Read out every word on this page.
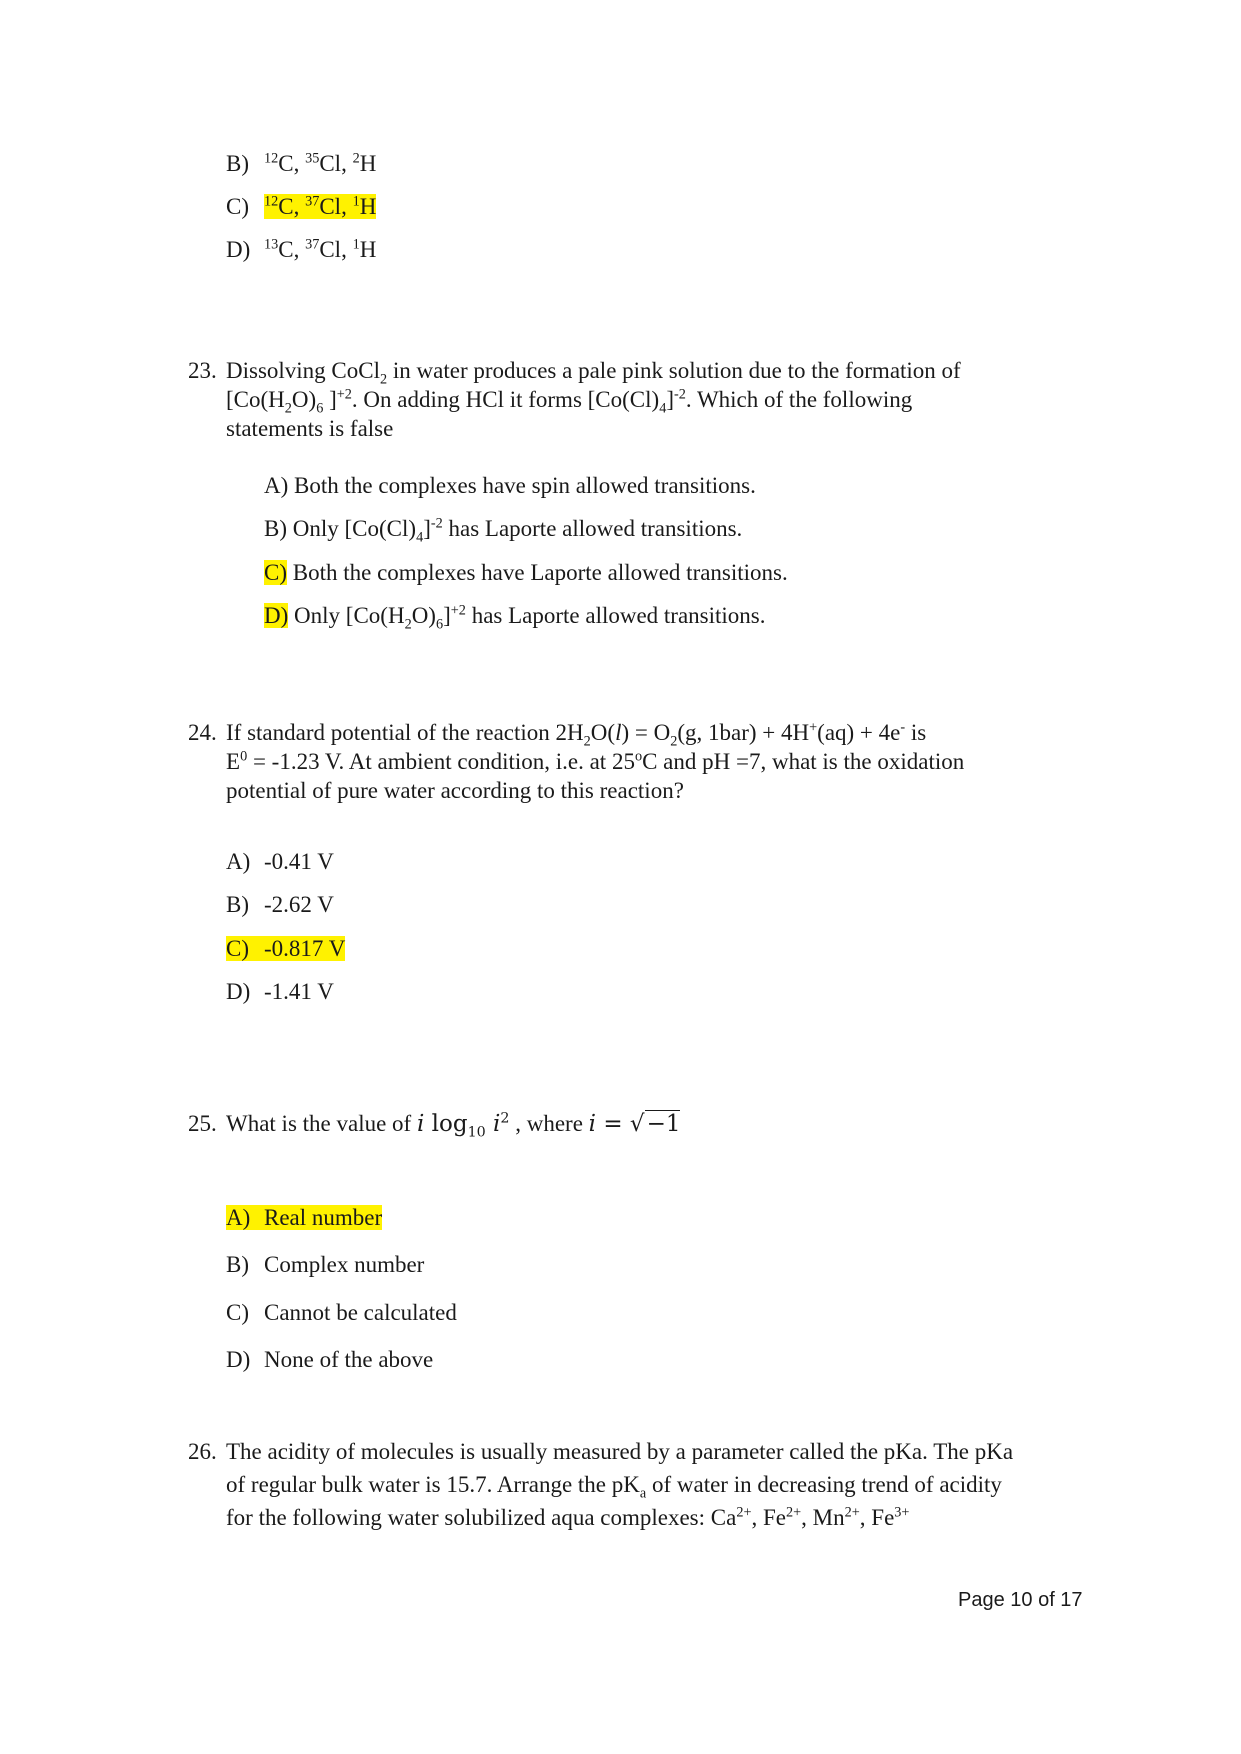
B) $^{12}$C, $^{35}$Cl, $^2$H
C) $^{12}$C, $^{37}$Cl, $^1$H
D) $^{13}$C, $^{37}$Cl, $^1$H
23. Dissolving CoCl$_2$ in water produces a pale pink solution due to the formation of
[$Co(H_2O)_6$ ]$^{+2}$. On adding HCl it forms $[Co(Cl)_4]^{-2}$. Which of the following
statements is false
A) Both the complexes have spin allowed transitions.
B) Only $[Co(Cl)_4]^{-2}$ has Laporte allowed transitions.
C) Both the complexes have Laporte allowed transitions.
D) Only $[Co(H_2O)_6]^{+2}$ has Laporte allowed transitions.
24. If standard potential of the reaction $2H_2O(l) = O_2(g$, 1bar) + 4H+(aq) + 4e- is
$E^0 = -1.23$ V. At ambient condition, i.e. at 25$^o$C and pH =7, what is the oxidation
potential of pure water according to this reaction?
A) -0.41 V
B) -2.62 V
C) -0.817 V
D) -1.41 V
25. What is the value of i $\log_{10} i^2$ , where i = √−1
A) Real number
B) Complex number
C) Cannot be calculated
D) None of the above
26. The acidity of molecules is usually measured by a parameter called the pKa. The pKa
of regular bulk water is 15.7. Arrange the $pK_a$ of water in decreasing trend of acidity
for the following water solubilized aqua complexes: $Ca^{2+}$, $Fe^{2+}$, $Mn^{2+}$, $Fe^{3+}$
Page 10 of 17
